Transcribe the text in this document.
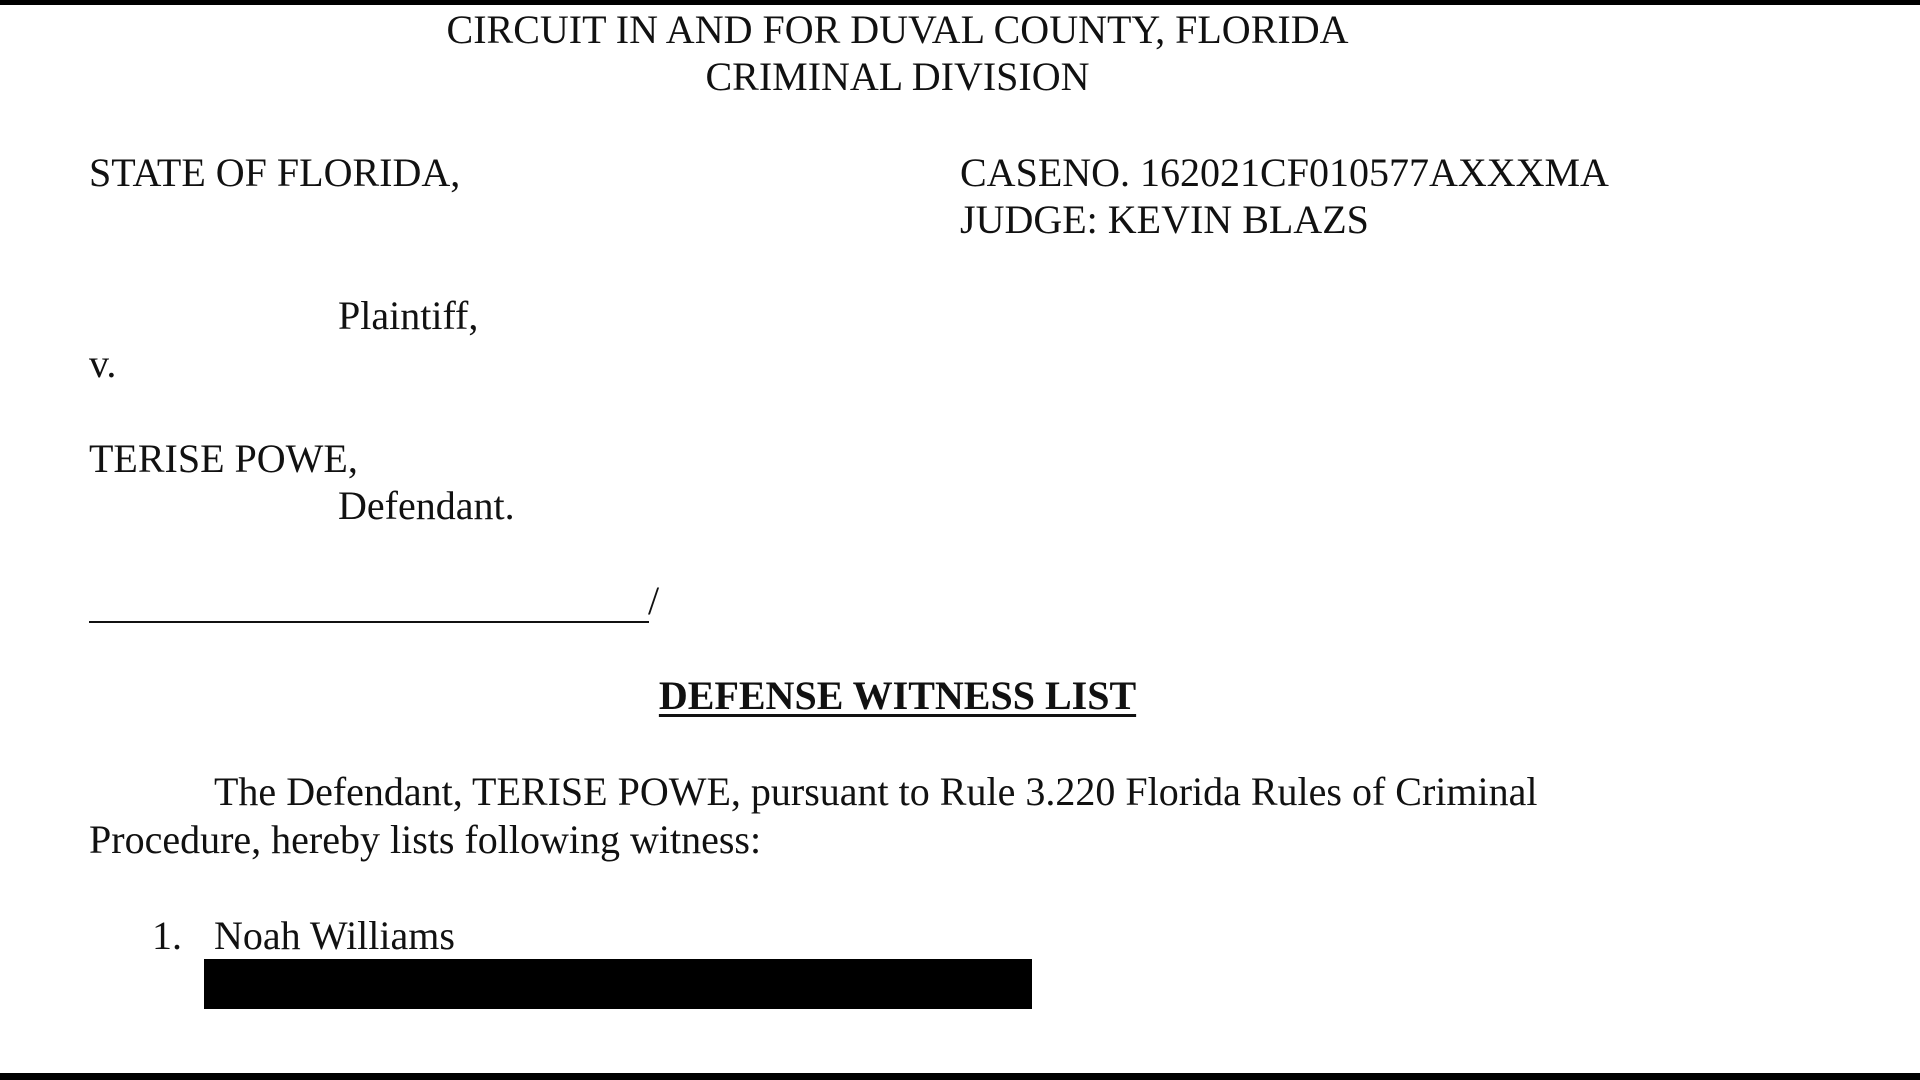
CIRCUIT IN AND FOR DUVAL COUNTY, FLORIDA
CRIMINAL DIVISION
STATE OF FLORIDA,	CASENO. 162021CF010577AXXXMA
JUDGE: KEVIN BLAZS
Plaintiff,
v.
TERISE POWE,
Defendant.
/
DEFENSE WITNESS LIST
The Defendant, TERISE POWE, pursuant to Rule 3.220 Florida Rules of Criminal
Procedure, hereby lists following witness:
1. Noah Williams
